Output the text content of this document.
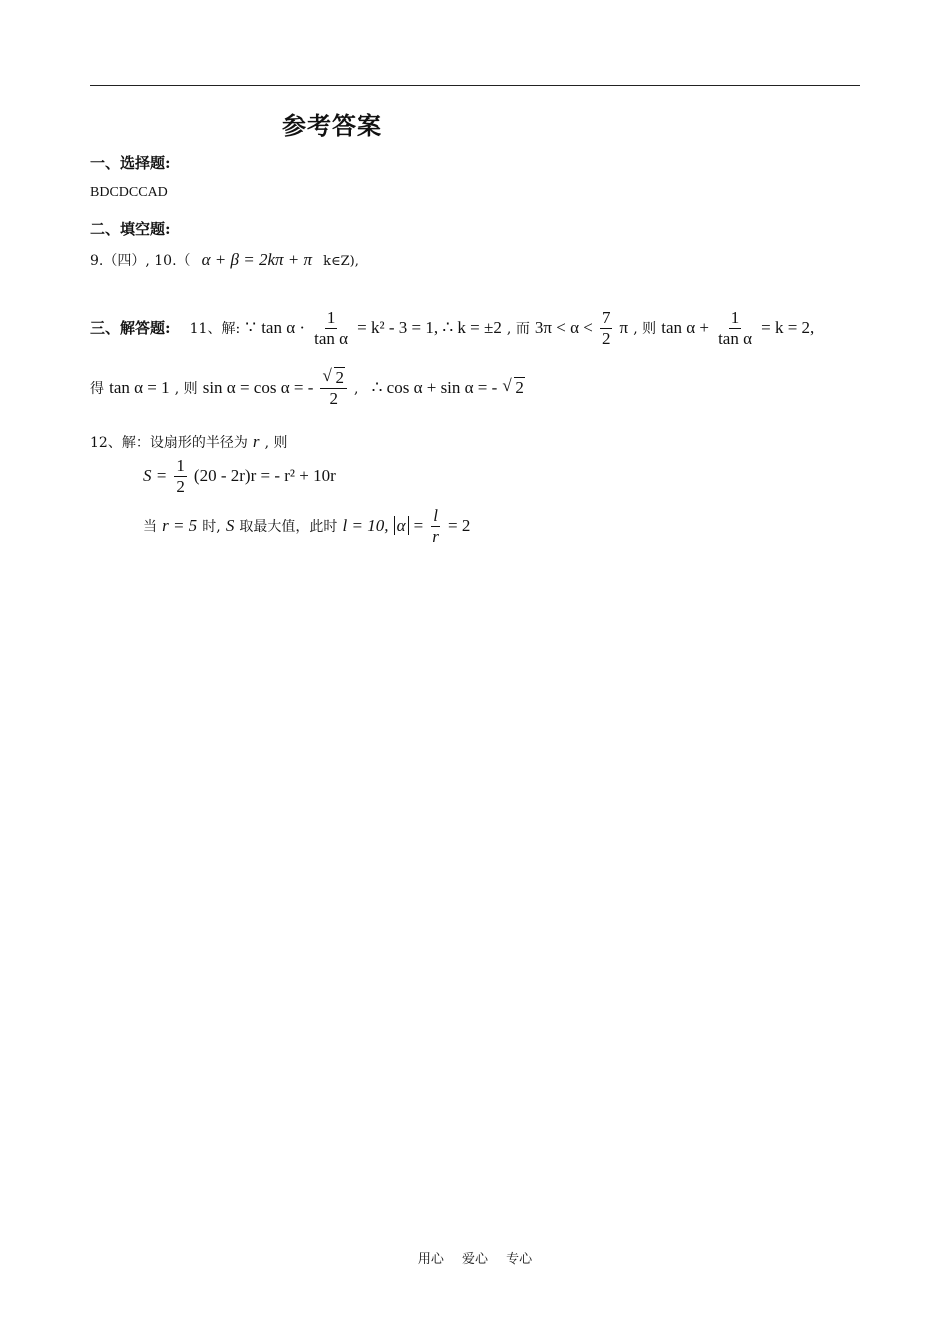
参考答案
一、选择题:
BDCDCCAD
二、填空题:
9.（四）, 10.（ α + β = 2kπ + π k∈Z),
三、解答题: 11、解: ∵ $\tan \alpha \cdot \frac{1}{\text{tan α}} = k^2 - 3 = 1$, ∴ k = ±2 , 而 $3\pi < \alpha < \frac{7}{2}$ π , 则 $\tan \alpha + \frac{1}{\text{tan α}} = k = 2$,
得 tan α = 1 , 则 sin α = cos α = - √ $\frac{2}{2}$ , ∴ cos α + sin α = - √ 2
12、解：设扇形的半径为 r , 则
$S = \frac{1}{2} (20 - 2r)r$ = - r² + 10r
当 r = 5 时, S 取最大值，此时 l = 10, $\alpha = \frac{l}{r} = 2$
用心 爱心 专心
